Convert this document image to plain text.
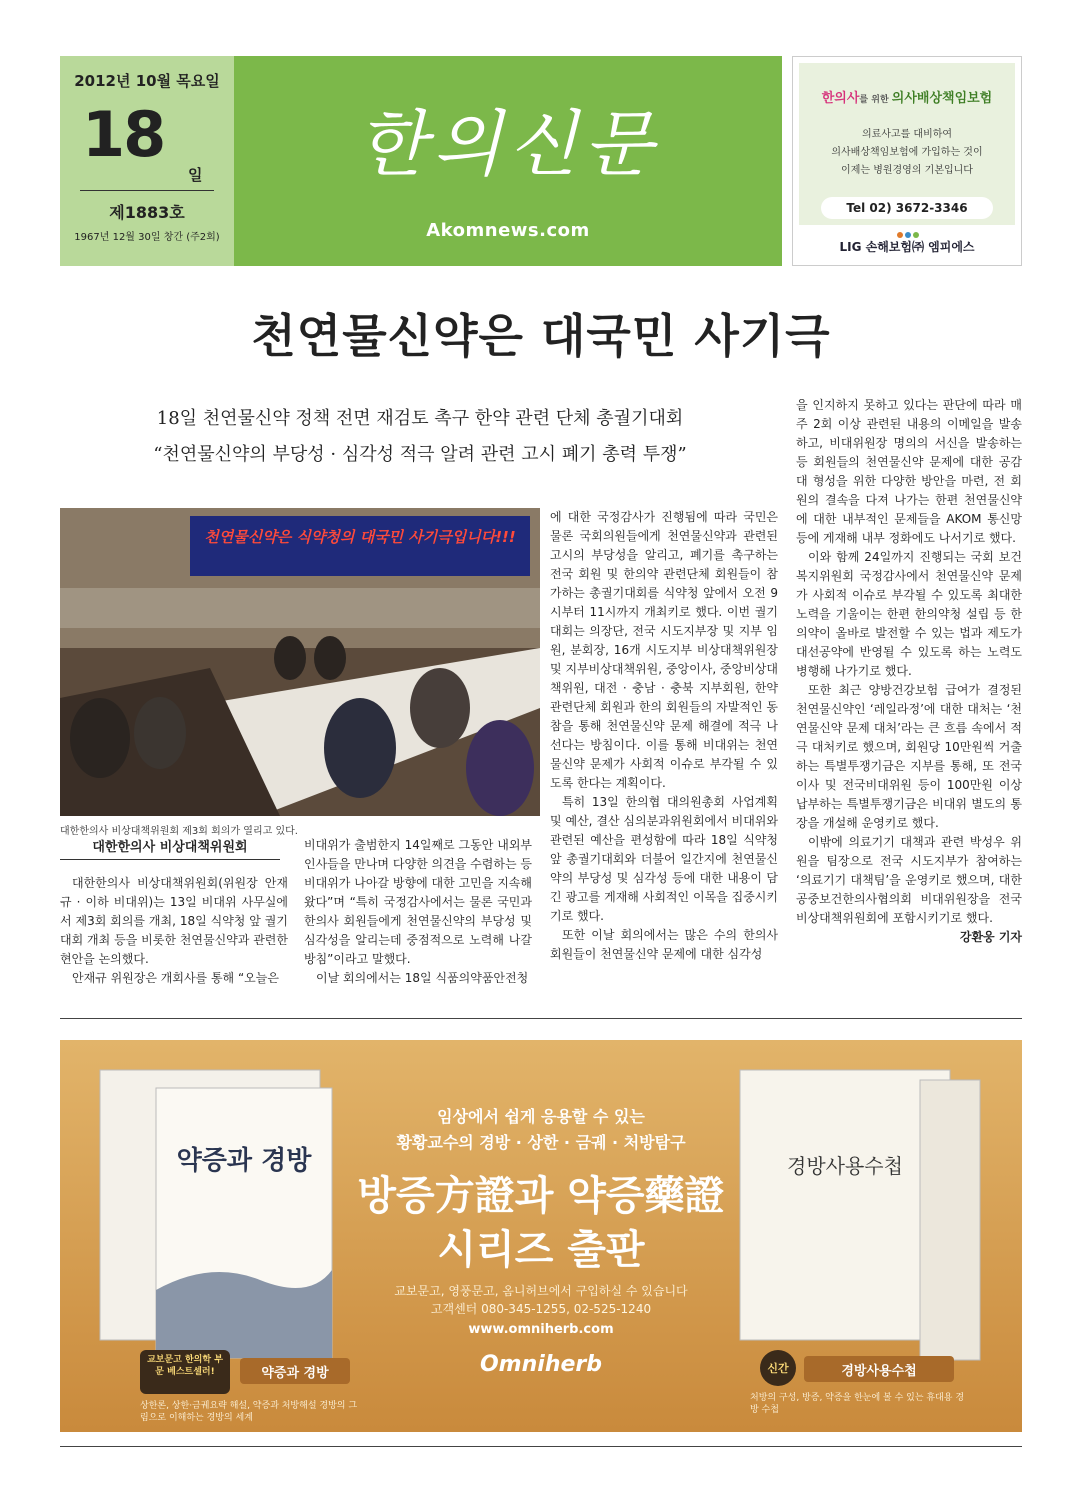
2012년 10월 목요일
18
일
제1883호
1967년 12월 30일 창간 (주2회)
한의신문
Akomnews.com
한의사를 위한 의사배상책임보험
의료사고를 대비하여
의사배상책임보험에 가입하는 것이
이제는 병원경영의 기본입니다
Tel 02) 3672-3346
LIG 손해보험㈜ 엠피에스
천연물신약은 대국민 사기극
18일 천연물신약 정책 전면 재검토 촉구 한약 관련 단체 총궐기대회
“천연물신약의 부당성 · 심각성 적극 알려 관련 고시 폐기 총력 투쟁”
천연물신약은 식약청의 대국민 사기극입니다!!!
대한한의사 비상대책위원회 제3회 회의가 열리고 있다.
대한한의사 비상대책위원회

대한한의사 비상대책위원회(위원장 안재규 · 이하 비대위)는 13일 비대위 사무실에서 제3회 회의를 개최, 18일 식약청 앞 궐기대회 개최 등을 비롯한 천연물신약과 관련한 현안을 논의했다.

안재규 위원장은 개회사를 통해 “오늘은

비대위가 출범한지 14일째로 그동안 내외부 인사들을 만나며 다양한 의견을 수렴하는 등 비대위가 나아갈 방향에 대한 고민을 지속해 왔다”며 “특히 국정감사에서는 물론 국민과 한의사 회원들에게 천연물신약의 부당성 및 심각성을 알리는데 중점적으로 노력해 나갈 방침”이라고 말했다.

이날 회의에서는 18일 식품의약품안전청

에 대한 국정감사가 진행됨에 따라 국민은 물론 국회의원들에게 천연물신약과 관련된 고시의 부당성을 알리고, 폐기를 촉구하는 전국 회원 및 한의약 관련단체 회원들이 참가하는 총궐기대회를 식약청 앞에서 오전 9시부터 11시까지 개최키로 했다. 이번 궐기대회는 의장단, 전국 시도지부장 및 지부 임원, 분회장, 16개 시도지부 비상대책위원장 및 지부비상대책위원, 중앙이사, 중앙비상대책위원, 대전 · 충남 · 충북 지부회원, 한약 관련단체 회원과 한의 회원들의 자발적인 동참을 통해 천연물신약 문제 해결에 적극 나선다는 방침이다. 이를 통해 비대위는 천연물신약 문제가 사회적 이슈로 부각될 수 있도록 한다는 계획이다.

특히 13일 한의협 대의원총회 사업계획 및 예산, 결산 심의분과위원회에서 비대위와 관련된 예산을 편성함에 따라 18일 식약청 앞 총궐기대회와 더불어 일간지에 천연물신약의 부당성 및 심각성 등에 대한 내용이 담긴 광고를 게재해 사회적인 이목을 집중시키기로 했다.

또한 이날 회의에서는 많은 수의 한의사 회원들이 천연물신약 문제에 대한 심각성

을 인지하지 못하고 있다는 판단에 따라 매주 2회 이상 관련된 내용의 이메일을 발송하고, 비대위원장 명의의 서신을 발송하는 등 회원들의 천연물신약 문제에 대한 공감대 형성을 위한 다양한 방안을 마련, 전 회원의 결속을 다져 나가는 한편 천연물신약에 대한 내부적인 문제들을 AKOM 통신망 등에 게재해 내부 정화에도 나서기로 했다.

이와 함께 24일까지 진행되는 국회 보건복지위원회 국정감사에서 천연물신약 문제가 사회적 이슈로 부각될 수 있도록 최대한 노력을 기울이는 한편 한의약청 설립 등 한의약이 올바로 발전할 수 있는 법과 제도가 대선공약에 반영될 수 있도록 하는 노력도 병행해 나가기로 했다.

또한 최근 양방건강보험 급여가 결정된 천연물신약인 ‘레일라정’에 대한 대처는 ‘천연물신약 문제 대처’라는 큰 흐름 속에서 적극 대처키로 했으며, 회원당 10만원씩 거출하는 특별투쟁기금은 지부를 통해, 또 전국이사 및 전국비대위원 등이 100만원 이상 납부하는 특별투쟁기금은 비대위 별도의 통장을 개설해 운영키로 했다.

이밖에 의료기기 대책과 관련 박성우 위원을 팀장으로 전국 시도지부가 참여하는 ‘의료기기 대책팀’을 운영키로 했으며, 대한공중보건한의사협의회 비대위원장을 전국 비상대책위원회에 포함시키기로 했다.

강환웅 기자
약증과 경방	경방사용수첩
임상에서 쉽게 응용할 수 있는
황황교수의 경방 · 상한 · 금궤 · 처방탐구
방증方證과 약증藥證
시리즈 출판
교보문고, 영풍문고, 옴니허브에서 구입하실 수 있습니다
고객센터 080-345-1255, 02-525-1240
www.omniherb.com
Omniherb
교보문고 한의학 부문 베스트셀러!	약증과 경방	신간	경방사용수첩
상한론, 상한·금궤요략 해설, 약증과 처방해설 경방의 그림으로 이해하는 경방의 세계
처방의 구성, 방증, 약증을 한눈에 볼 수 있는 휴대용 경방 수첩
